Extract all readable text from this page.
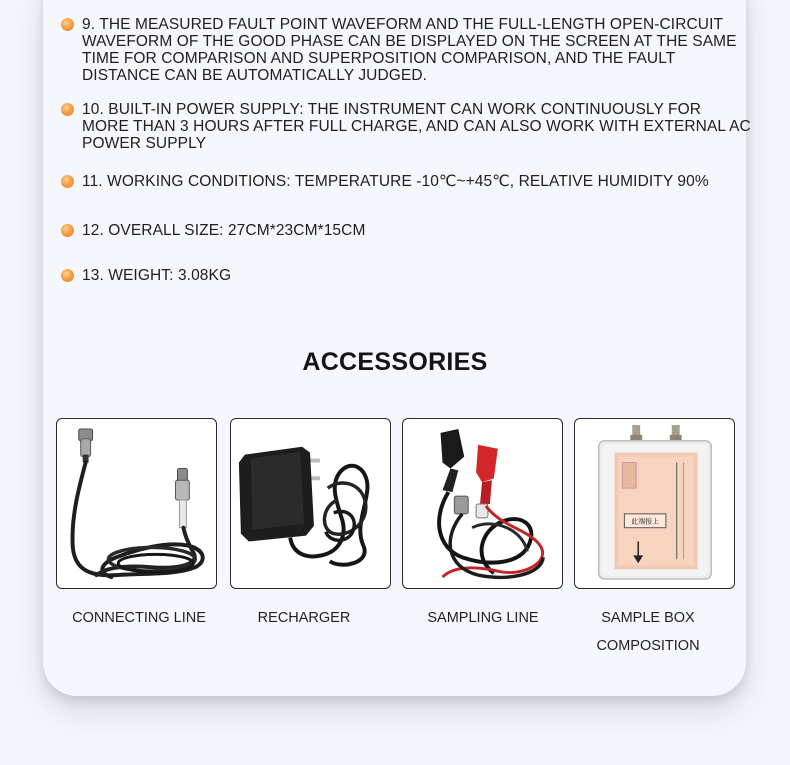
9. THE MEASURED FAULT POINT WAVEFORM AND THE FULL-LENGTH OPEN-CIRCUIT WAVEFORM OF THE GOOD PHASE CAN BE DISPLAYED ON THE SCREEN AT THE SAME TIME FOR COMPARISON AND SUPERPOSITION COMPARISON, AND THE FAULT DISTANCE CAN BE AUTOMATICALLY JUDGED.
10. BUILT-IN POWER SUPPLY: THE INSTRUMENT CAN WORK CONTINUOUSLY FOR MORE THAN 3 HOURS AFTER FULL CHARGE, AND CAN ALSO WORK WITH EXTERNAL AC POWER SUPPLY
11. WORKING CONDITIONS: TEMPERATURE -10℃~+45℃, RELATIVE HUMIDITY 90%
12. OVERALL SIZE: 27CM*23CM*15CM
13. WEIGHT: 3.08KG
ACCESSORIES
此端接上
CONNECTING LINE	RECHARGER	SAMPLING LINE	SAMPLE BOX
COMPOSITION
